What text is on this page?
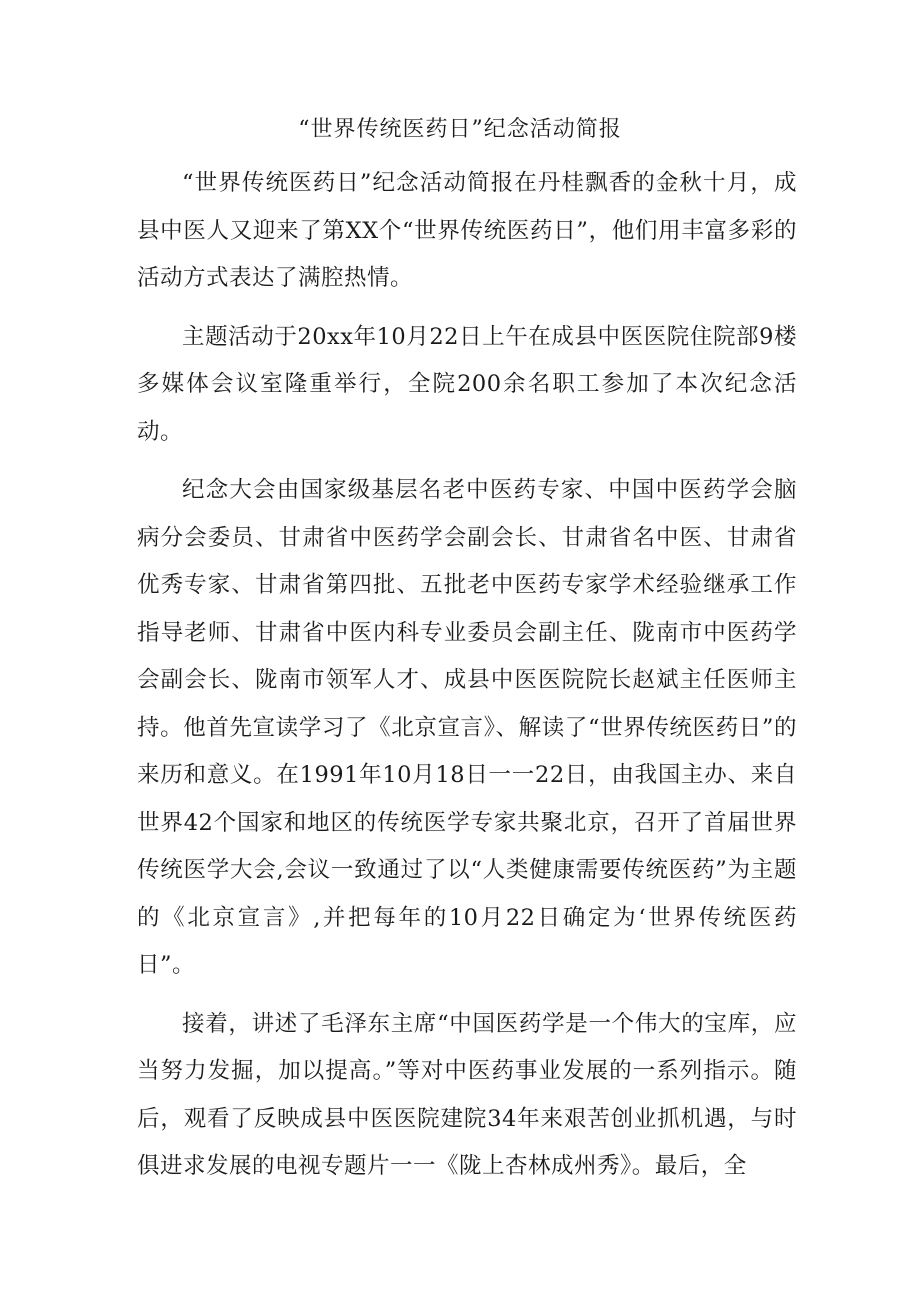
“世界传统医药日”纪念活动简报

“世界传统医药日”纪念活动简报在丹桂飘香的金秋十月，成县中医人又迎来了第XX个“世界传统医药日”，他们用丰富多彩的活动方式表达了满腔热情。

主题活动于20xx年10月22日上午在成县中医医院住院部9楼多媒体会议室隆重举行，全院200余名职工参加了本次纪念活动。

纪念大会由国家级基层名老中医药专家、中国中医药学会脑病分会委员、甘肃省中医药学会副会长、甘肃省名中医、甘肃省优秀专家、甘肃省第四批、五批老中医药专家学术经验继承工作指导老师、甘肃省中医内科专业委员会副主任、陇南市中医药学会副会长、陇南市领军人才、成县中医医院院长赵斌主任医师主持。他首先宣读学习了《北京宣言》、解读了“世界传统医药日”的来历和意义。在1991年10月18日一一22日，由我国主办、来自世界42个国家和地区的传统医学专家共聚北京，召开了首届世界传统医学大会,会议一致通过了以“人类健康需要传统医药”为主题的《北京宣言》,并把每年的10月22日确定为‘世界传统医药日”。

接着，讲述了毛泽东主席“中国医药学是一个伟大的宝库，应当努力发掘，加以提高。”等对中医药事业发展的一系列指示。随后，观看了反映成县中医医院建院34年来艰苦创业抓机遇，与时俱进求发展的电视专题片一一《陇上杏林成州秀》。最后，全
